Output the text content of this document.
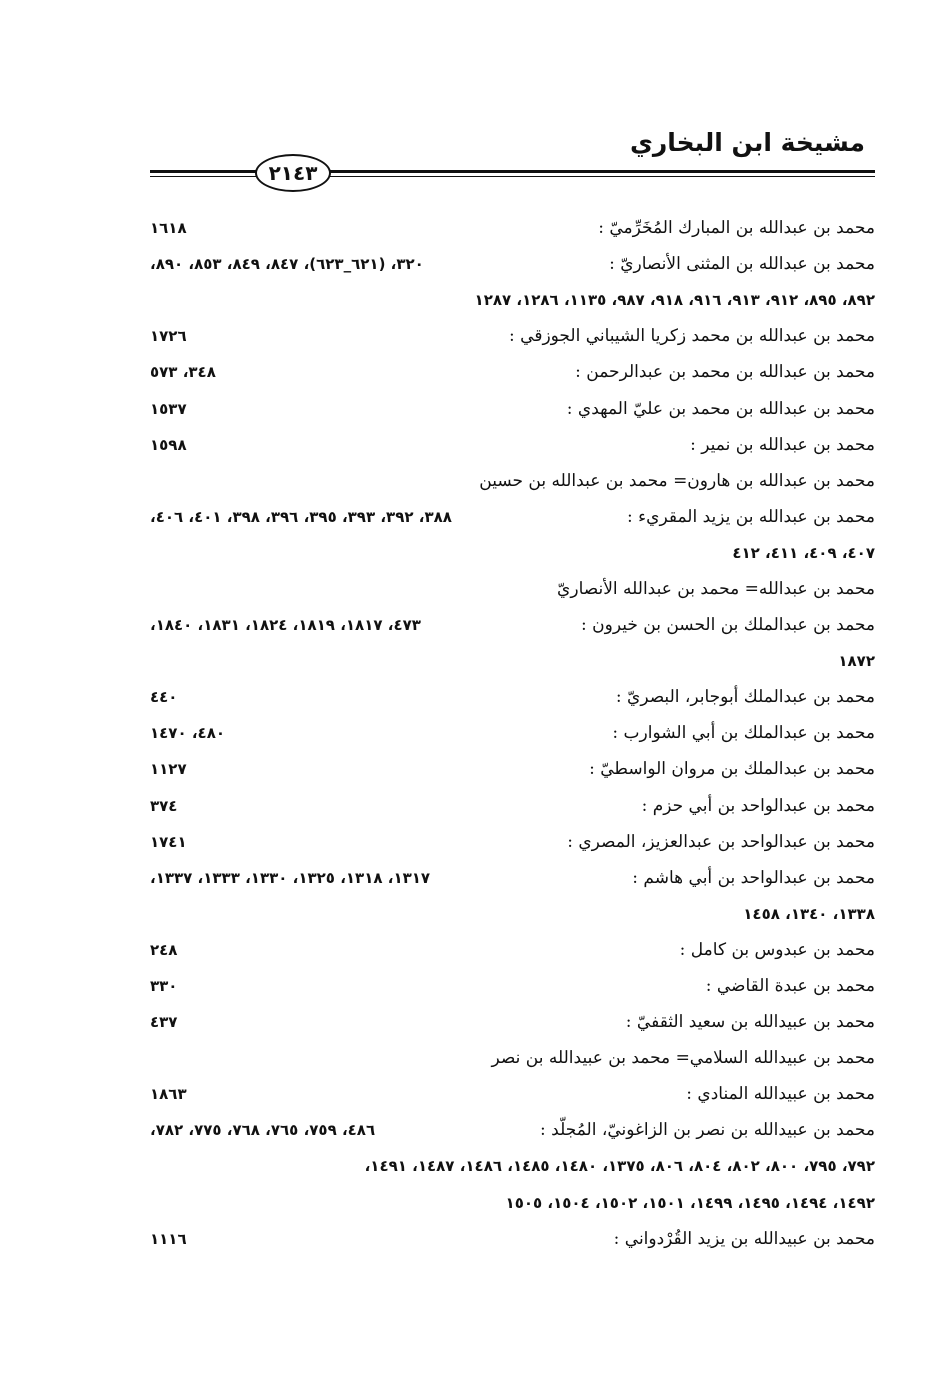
مشيخة ابن البخاري
٢١٤٣
محمد بن عبدالله بن المبارك المُخَرِّميّ :
١٦١٨
محمد بن عبدالله بن المثنى الأنصاريّ :
٣٢٠، (٦٢١_٦٢٣)، ٨٤٧، ٨٤٩، ٨٥٣، ٨٩٠،
٨٩٢، ٨٩٥، ٩١٢، ٩١٣، ٩١٦، ٩١٨، ٩٨٧، ١١٣٥، ١٢٨٦، ١٢٨٧
محمد بن عبدالله بن محمد زكريا الشيباني الجوزقي :
١٧٢٦
محمد بن عبدالله بن محمد بن عبدالرحمن :
٣٤٨، ٥٧٣
محمد بن عبدالله بن محمد بن عليّ المهدي :
١٥٣٧
محمد بن عبدالله بن نمير :
١٥٩٨
محمد بن عبدالله بن هارون= محمد بن عبدالله بن حسين
محمد بن عبدالله بن يزيد المقريء :
٣٨٨، ٣٩٢، ٣٩٣، ٣٩٥، ٣٩٦، ٣٩٨، ٤٠١، ٤٠٦،
٤٠٧، ٤٠٩، ٤١١، ٤١٢
محمد بن عبدالله= محمد بن عبدالله الأنصاريّ
محمد بن عبدالملك بن الحسن بن خيرون :
٤٧٣، ١٨١٧، ١٨١٩، ١٨٢٤، ١٨٣١، ١٨٤٠،
١٨٧٢
محمد بن عبدالملك أبوجابر، البصريّ :
٤٤٠
محمد بن عبدالملك بن أبي الشوارب :
٤٨٠، ١٤٧٠
محمد بن عبدالملك بن مروان الواسطيّ :
١١٢٧
محمد بن عبدالواحد بن أبي حزم :
٣٧٤
محمد بن عبدالواحد بن عبدالعزيز، المصري :
١٧٤١
محمد بن عبدالواحد بن أبي هاشم :
١٣١٧، ١٣١٨، ١٣٢٥، ١٣٣٠، ١٣٣٣، ١٣٣٧،
١٣٣٨، ١٣٤٠، ١٤٥٨
محمد بن عبدوس بن كامل :
٢٤٨
محمد بن عبدة القاضي :
٣٣٠
محمد بن عبيدالله بن سعيد الثقفيّ :
٤٣٧
محمد بن عبيدالله السلامي= محمد بن عبيدالله بن نصر
محمد بن عبيدالله المنادي :
١٨٦٣
محمد بن عبيدالله بن نصر بن الزاغونيّ، المُجلّد :
٤٨٦، ٧٥٩، ٧٦٥، ٧٦٨، ٧٧٥، ٧٨٢،
٧٩٢، ٧٩٥، ٨٠٠، ٨٠٢، ٨٠٤، ٨٠٦، ١٣٧٥، ١٤٨٠، ١٤٨٥، ١٤٨٦، ١٤٨٧، ١٤٩١،
١٤٩٢، ١٤٩٤، ١٤٩٥، ١٤٩٩، ١٥٠١، ١٥٠٢، ١٥٠٤، ١٥٠٥
محمد بن عبيدالله بن يزيد القُرْدواني :
١١١٦
